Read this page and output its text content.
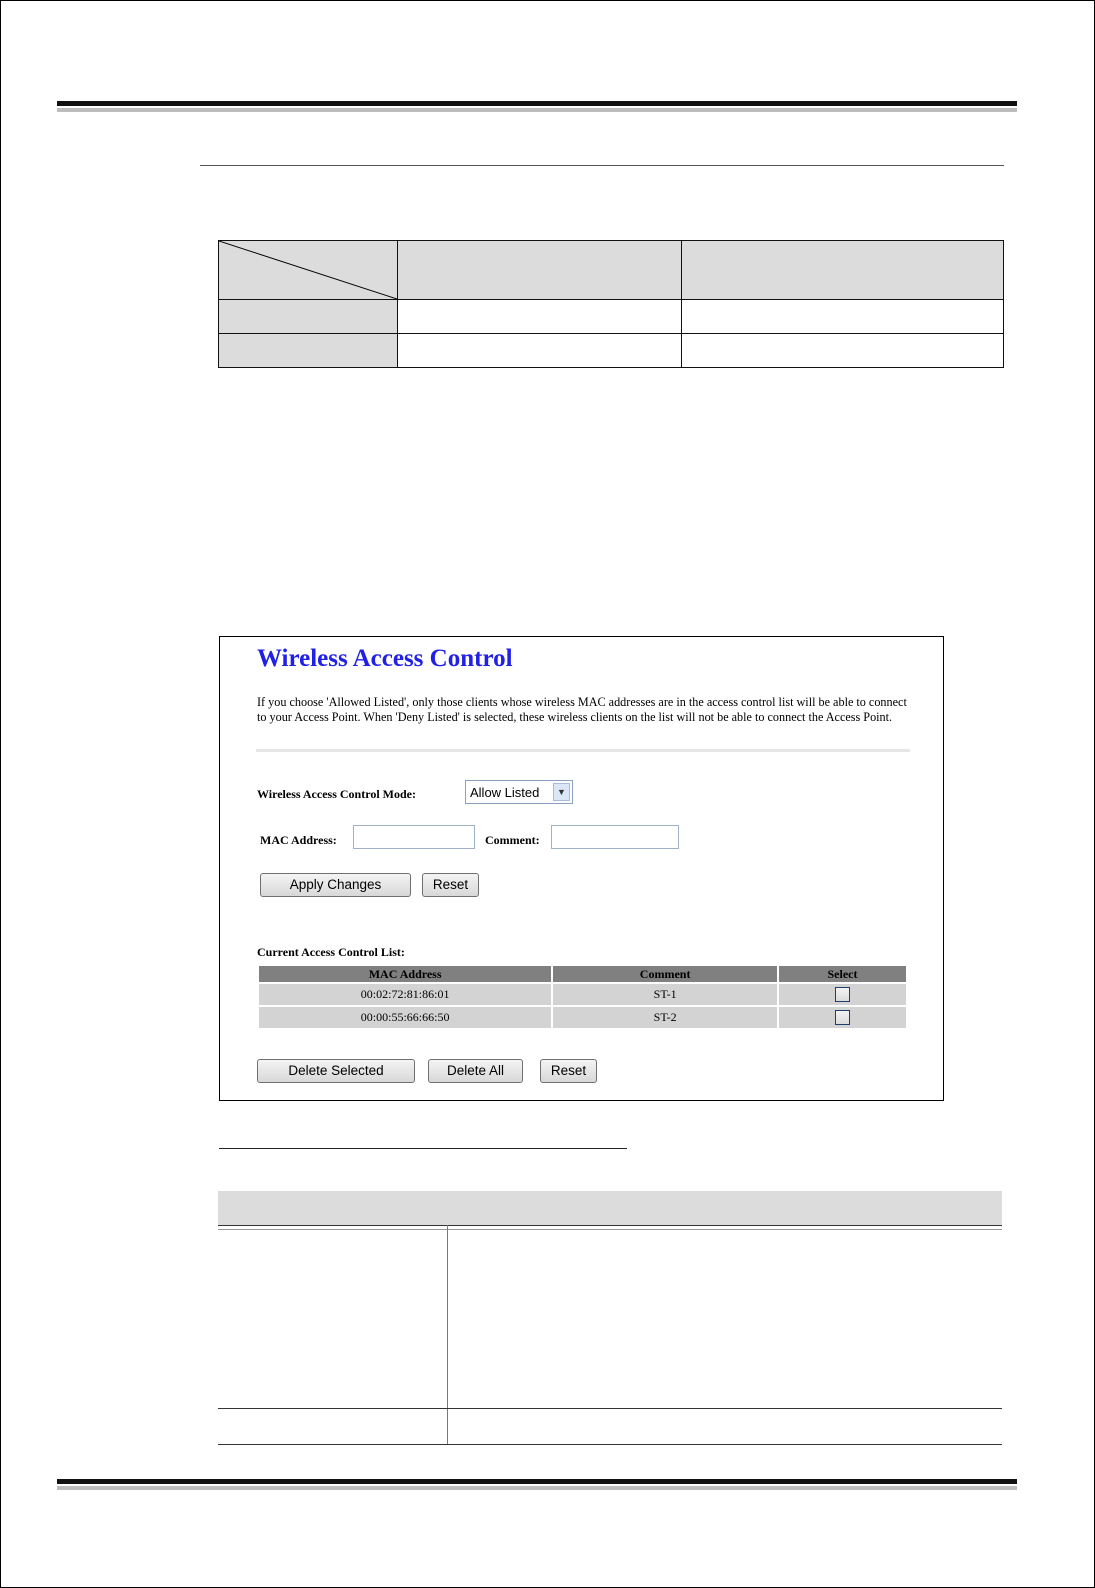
Wireless Access Control

If you choose 'Allowed Listed', only those clients whose wireless MAC addresses are in the access control list will be able to connect to your Access Point. When 'Deny Listed' is selected, these wireless clients on the list will not be able to connect the Access Point.

Wireless Access Control Mode:	Allow Listed	▼
MAC Address:	Comment:
Apply Changes	Reset
Current Access Control List:
MAC Address	Comment	Select
00:02:72:81:86:01	ST-1	
00:00:55:66:66:50	ST-2	
Delete Selected	Delete All	Reset
